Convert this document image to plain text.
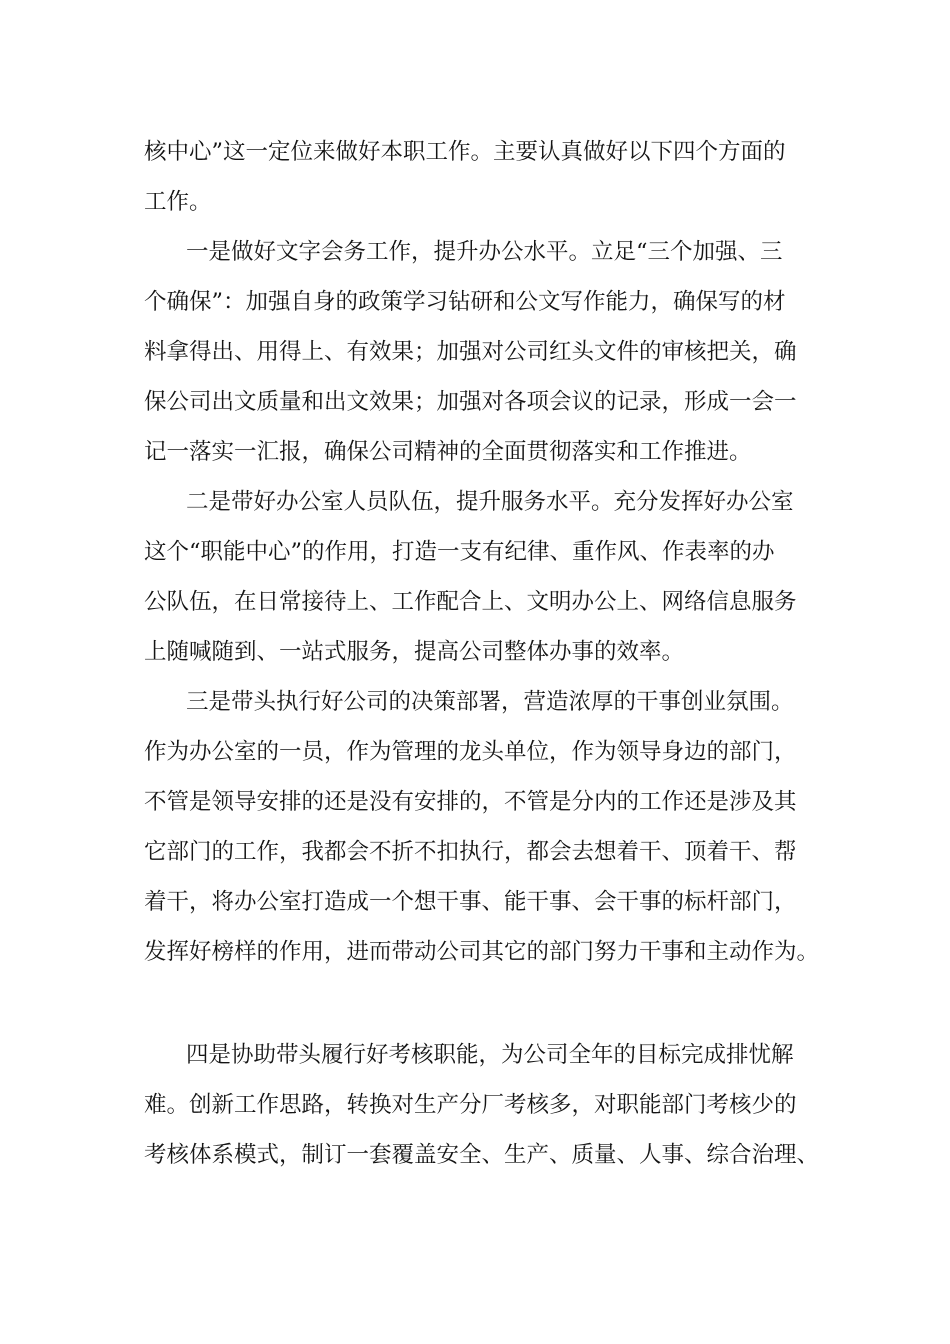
核中心”这一定位来做好本职工作。主要认真做好以下四个方面的
工作。
一是做好文字会务工作，提升办公水平。立足“三个加强、三
个确保”：加强自身的政策学习钻研和公文写作能力，确保写的材
料拿得出、用得上、有效果；加强对公司红头文件的审核把关，确
保公司出文质量和出文效果；加强对各项会议的记录，形成一会一
记一落实一汇报，确保公司精神的全面贯彻落实和工作推进。
二是带好办公室人员队伍，提升服务水平。充分发挥好办公室
这个“职能中心”的作用，打造一支有纪律、重作风、作表率的办
公队伍，在日常接待上、工作配合上、文明办公上、网络信息服务
上随喊随到、一站式服务，提高公司整体办事的效率。
三是带头执行好公司的决策部署，营造浓厚的干事创业氛围。
作为办公室的一员，作为管理的龙头单位，作为领导身边的部门，
不管是领导安排的还是没有安排的，不管是分内的工作还是涉及其
它部门的工作，我都会不折不扣执行，都会去想着干、顶着干、帮
着干，将办公室打造成一个想干事、能干事、会干事的标杆部门，
发挥好榜样的作用，进而带动公司其它的部门努力干事和主动作为。
四是协助带头履行好考核职能，为公司全年的目标完成排忧解
难。创新工作思路，转换对生产分厂考核多，对职能部门考核少的
考核体系模式，制订一套覆盖安全、生产、质量、人事、综合治理、
